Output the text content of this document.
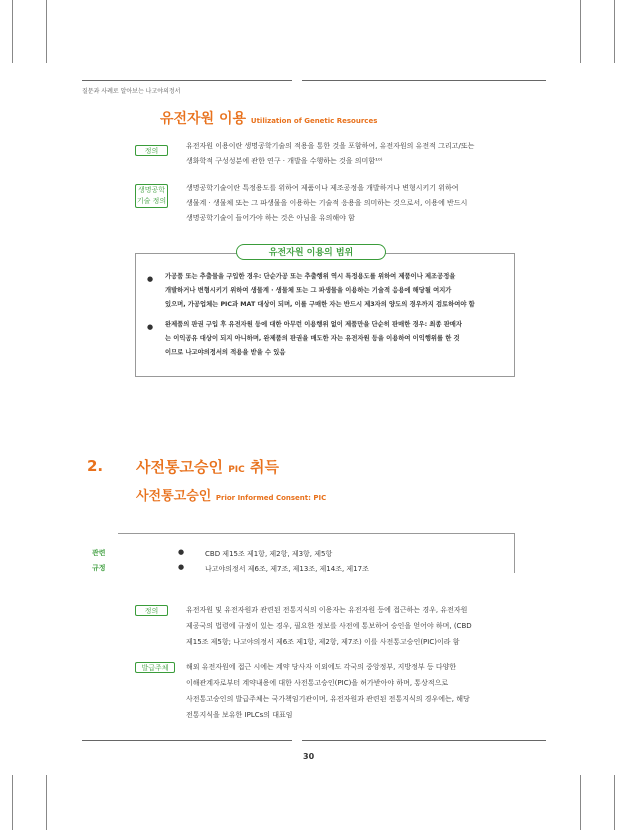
질문과 사례로 알아보는 나고야의정서
유전자원 이용 Utilization of Genetic Resources
정의
유전자원 이용이란 생명공학기술의 적용을 통한 것을 포함하여, 유전자원의 유전적 그리고/또는
생화학적 구성성분에 관한 연구 · 개발을 수행하는 것을 의미함¹⁰⁾
생명공학
기술 정의
생명공학기술이란 특정용도를 위하여 제품이나 제조공정을 개발하거나 변형시키기 위하여
생물계 · 생물체 또는 그 파생물을 이용하는 기술적 응용을 의미하는 것으로서, 이용에 반드시
생명공학기술이 들어가야 하는 것은 아님을 유의해야 함
유전자원 이용의 범위
● 가공품 또는 추출물을 구입한 경우: 단순가공 또는 추출행위 역시 특정용도를 위하여 제품이나 제조공정을
개발하거나 변형시키기 위하여 생물계 · 생물체 또는 그 파생물을 이용하는 기술적 응용에 해당될 여지가
있으며, 가공업체는 PIC과 MAT 대상이 되며, 이를 구매한 자는 반드시 제3자의 양도의 경우까지 검토하여야 함
● 완제품의 판권 구입 후 유전자원 등에 대한 아무런 이용행위 없이 제품만을 단순히 판매한 경우: 최종 판매자
는 이익공유 대상이 되지 아니하며, 완제품의 판권을 매도한 자는 유전자원 등을 이용하여 이익행위를 한 것
이므로 나고야의정서의 적용을 받을 수 있음
2. 사전통고승인 PIC 취득
사전통고승인 Prior Informed Consent: PIC
관련
규정
●	CBD 제15조 제1항, 제2항, 제3항, 제5항
●	나고야의정서 제6조, 제7조, 제13조, 제14조, 제17조
정의	유전자원 및 유전자원과 관련된 전통지식의 이용자는 유전자원 등에 접근하는 경우, 유전자원
제공국의 법령에 규정이 있는 경우, 필요한 정보를 사전에 통보하여 승인을 얻어야 하며, (CBD
제15조 제5항; 나고야의정서 제6조 제1항, 제2항, 제7조) 이를 사전통고승인(PIC)이라 함
발급주체	해외 유전자원에 접근 시에는 계약 당사자 이외에도 각국의 중앙정부, 지방정부 등 다양한
이해관계자로부터 계약내용에 대한 사전통고승인(PIC)을 허가받아야 하며, 통상적으로
사전통고승인의 발급주체는 국가책임기관이며, 유전자원과 관련된 전통지식의 경우에는, 해당
전통지식을 보유한 IPLCs의 대표임
30
